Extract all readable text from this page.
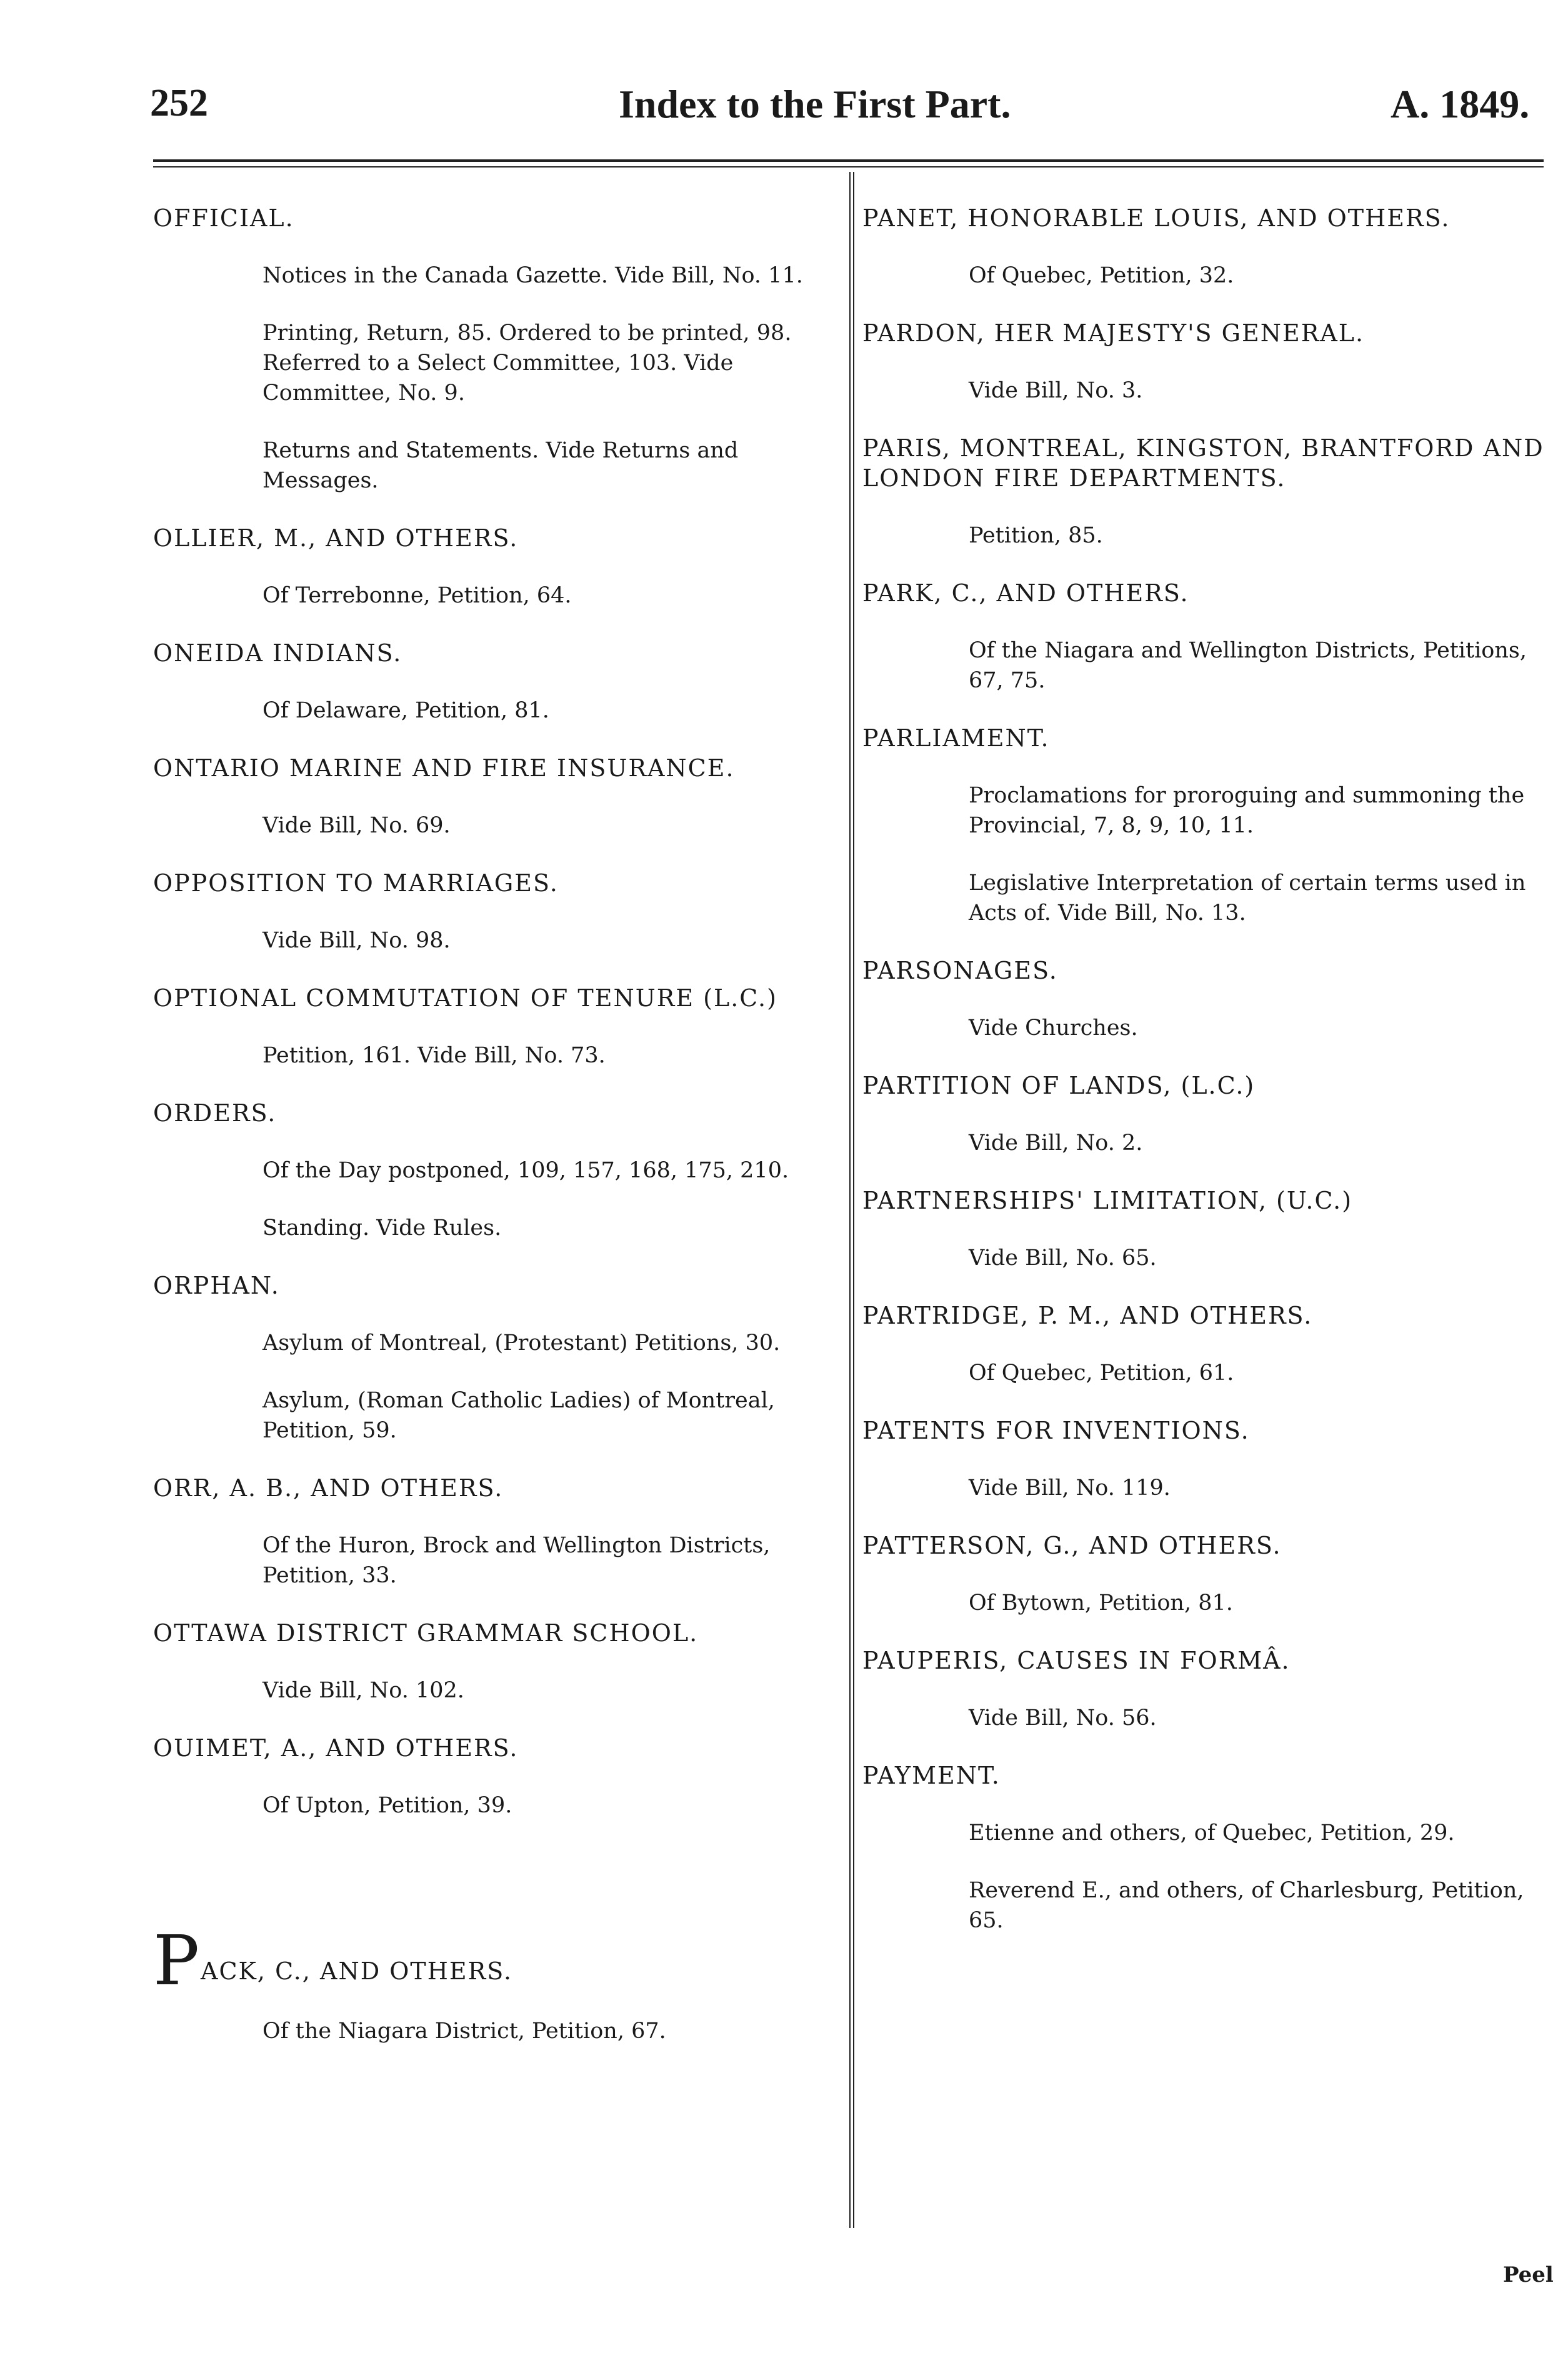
252	Index to the First Part.	A. 1849.
OFFICIAL.
Notices in the Canada Gazette. Vide Bill, No. 11.
Printing, Return, 85. Ordered to be printed, 98. Referred to a Select Committee, 103. Vide Committee, No. 9.
Returns and Statements. Vide Returns and Messages.
OLLIER, M., AND OTHERS.
Of Terrebonne, Petition, 64.
ONEIDA INDIANS.
Of Delaware, Petition, 81.
ONTARIO MARINE AND FIRE INSURANCE.
Vide Bill, No. 69.
OPPOSITION TO MARRIAGES.
Vide Bill, No. 98.
OPTIONAL COMMUTATION OF TENURE (L.C.)
Petition, 161. Vide Bill, No. 73.
ORDERS.
Of the Day postponed, 109, 157, 168, 175, 210.
Standing. Vide Rules.
ORPHAN.
Asylum of Montreal, (Protestant) Petitions, 30.
Asylum, (Roman Catholic Ladies) of Montreal, Petition, 59.
ORR, A. B., AND OTHERS.
Of the Huron, Brock and Wellington Districts, Petition, 33.
OTTAWA DISTRICT GRAMMAR SCHOOL.
Vide Bill, No. 102.
OUIMET, A., AND OTHERS.
Of Upton, Petition, 39.
PACK, C., AND OTHERS.
Of the Niagara District, Petition, 67.
PANET, HONORABLE LOUIS, AND OTHERS.
Of Quebec, Petition, 32.
PARDON, HER MAJESTY'S GENERAL.
Vide Bill, No. 3.
PARIS, MONTREAL, KINGSTON, BRANTFORD AND LONDON FIRE DEPARTMENTS.
Petition, 85.
PARK, C., AND OTHERS.
Of the Niagara and Wellington Districts, Petitions, 67, 75.
PARLIAMENT.
Proclamations for proroguing and summoning the Provincial, 7, 8, 9, 10, 11.
Legislative Interpretation of certain terms used in Acts of. Vide Bill, No. 13.
PARSONAGES.
Vide Churches.
PARTITION OF LANDS, (L.C.)
Vide Bill, No. 2.
PARTNERSHIPS' LIMITATION, (U.C.)
Vide Bill, No. 65.
PARTRIDGE, P. M., AND OTHERS.
Of Quebec, Petition, 61.
PATENTS FOR INVENTIONS.
Vide Bill, No. 119.
PATTERSON, G., AND OTHERS.
Of Bytown, Petition, 81.
PAUPERIS, CAUSES IN FORMÂ.
Vide Bill, No. 56.
PAYMENT.
Etienne and others, of Quebec, Petition, 29.
Reverend E., and others, of Charlesburg, Petition, 65.
Peel
